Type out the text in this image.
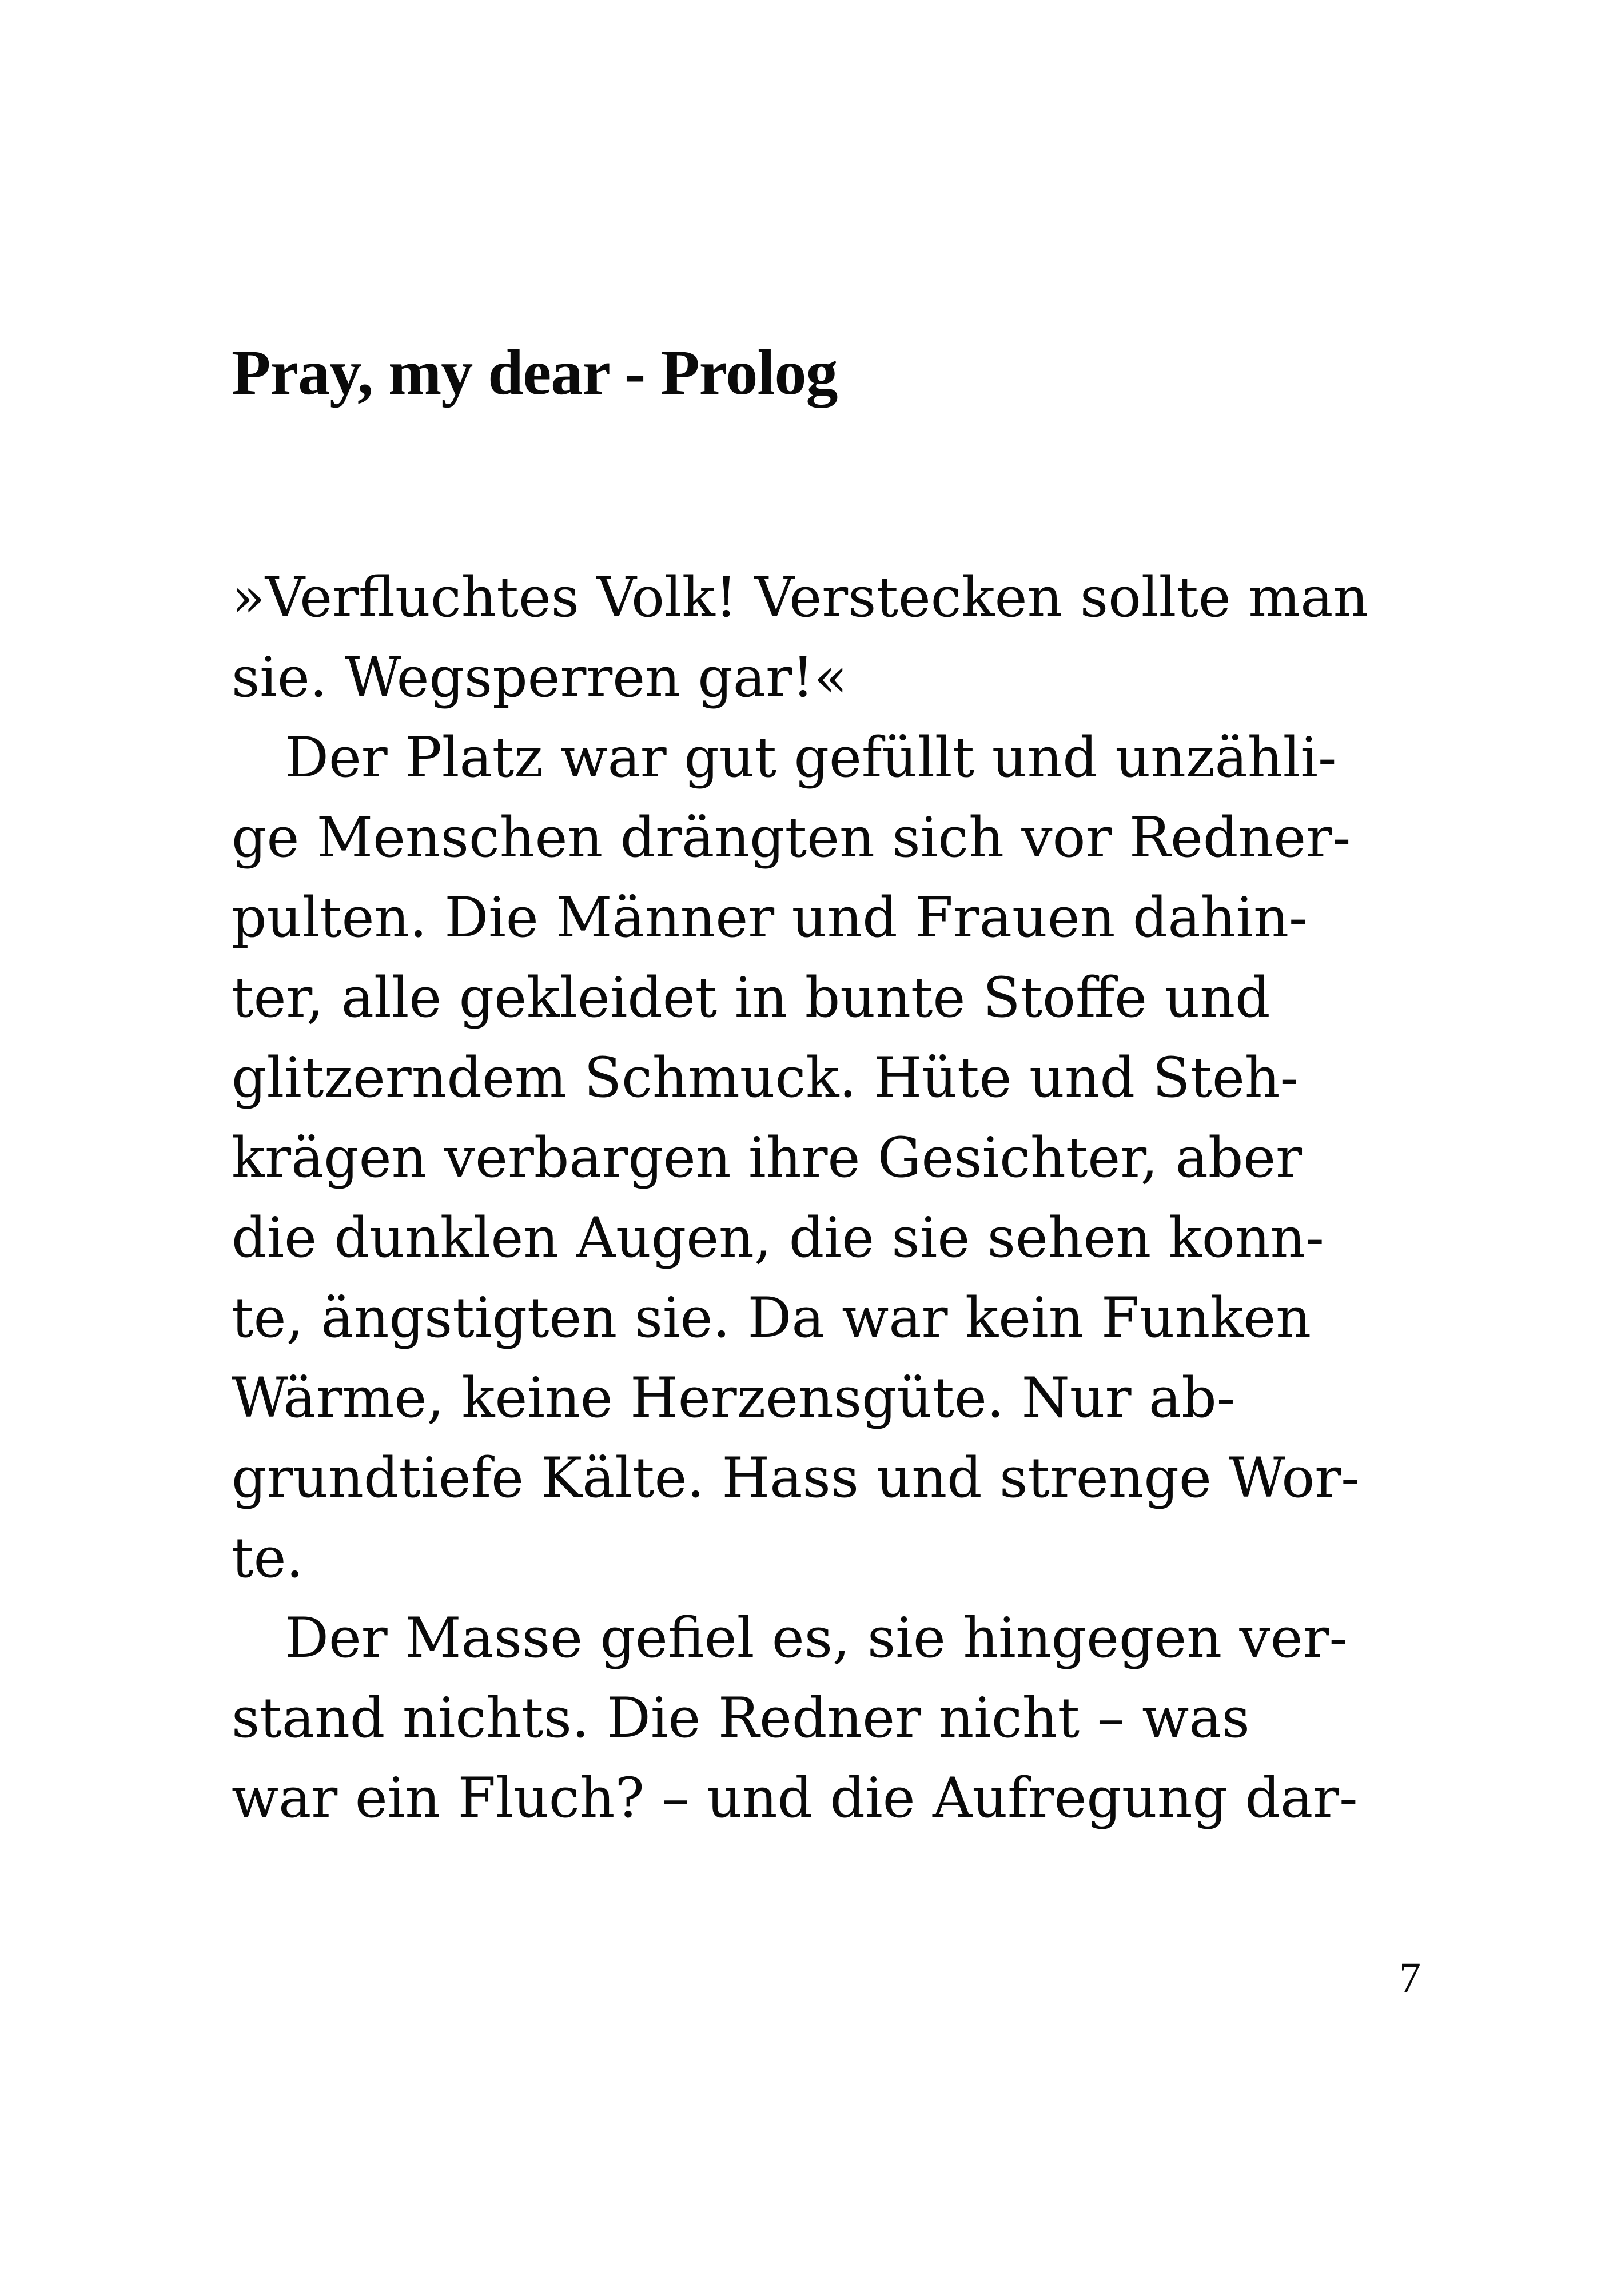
Pray, my dear - Prolog
»Verfluchtes Volk! Verstecken sollte man
sie. Wegsperren gar!«
Der Platz war gut gefüllt und unzähli-
ge Menschen drängten sich vor Redner-
pulten. Die Männer und Frauen dahin-
ter, alle gekleidet in bunte Stoffe und
glitzerndem Schmuck. Hüte und Steh-
krägen verbargen ihre Gesichter, aber
die dunklen Augen, die sie sehen konn-
te, ängstigten sie. Da war kein Funken
Wärme, keine Herzensgüte. Nur ab-
grundtiefe Kälte. Hass und strenge Wor-
te.
Der Masse gefiel es, sie hingegen ver-
stand nichts. Die Redner nicht – was
war ein Fluch? – und die Aufregung dar-
7
